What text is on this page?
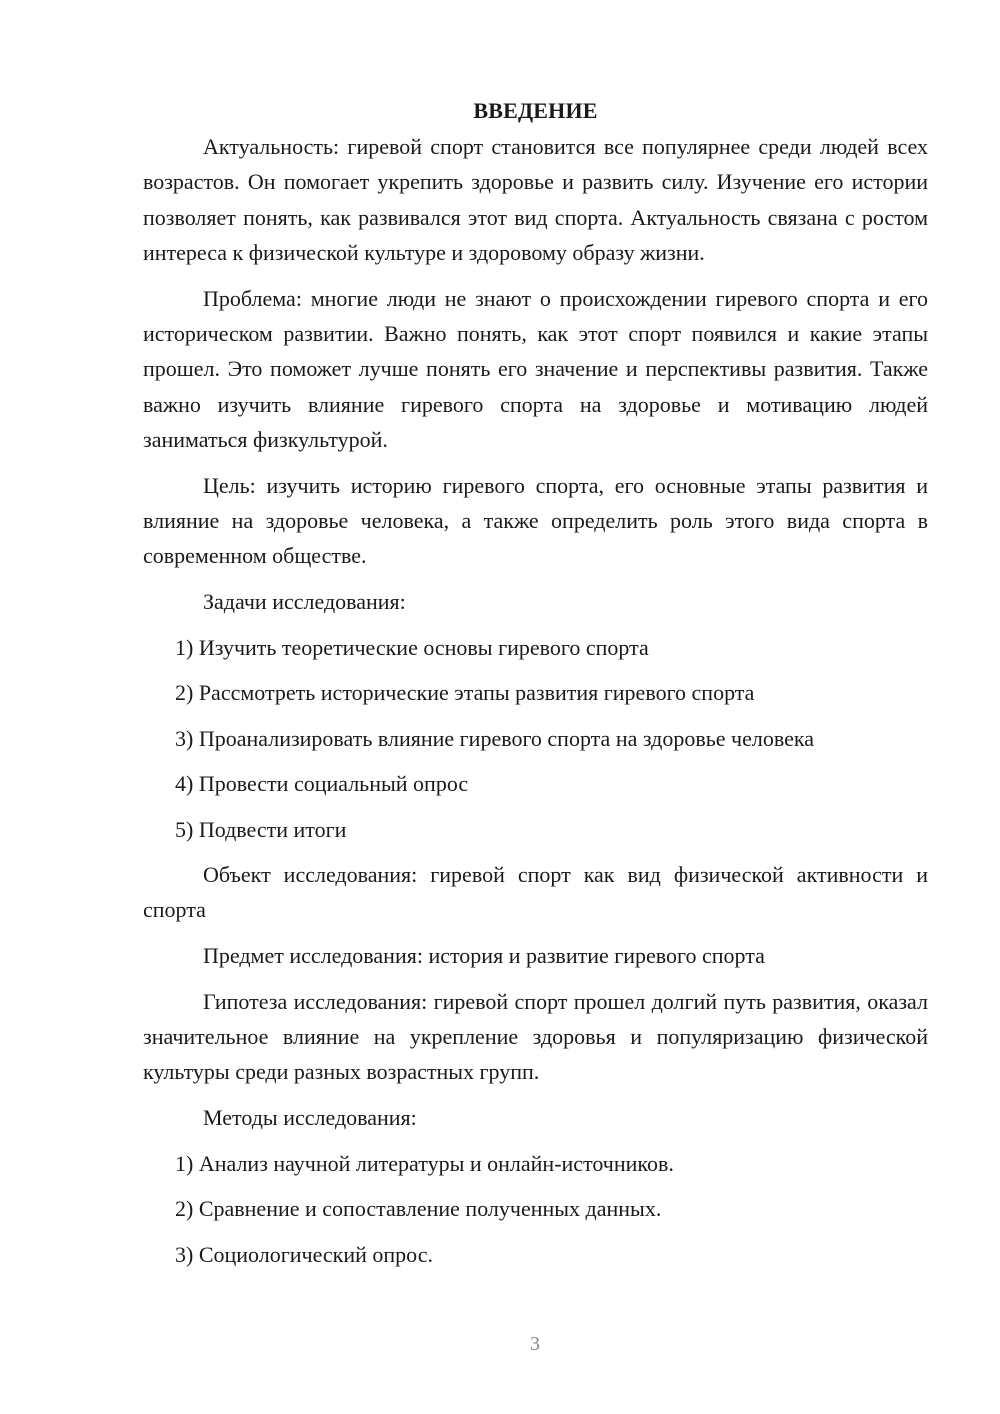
ВВЕДЕНИЕ

Актуальность: гиревой спорт становится все популярнее среди людей всех возрастов. Он помогает укрепить здоровье и развить силу. Изучение его истории позволяет понять, как развивался этот вид спорта. Актуальность связана с ростом интереса к физической культуре и здоровому образу жизни.

Проблема: многие люди не знают о происхождении гиревого спорта и его историческом развитии. Важно понять, как этот спорт появился и какие этапы прошел. Это поможет лучше понять его значение и перспективы развития. Также важно изучить влияние гиревого спорта на здоровье и мотивацию людей заниматься физкультурой.

Цель: изучить историю гиревого спорта, его основные этапы развития и влияние на здоровье человека, а также определить роль этого вида спорта в современном обществе.

Задачи исследования:

1) Изучить теоретические основы гиревого спорта

2) Рассмотреть исторические этапы развития гиревого спорта

3) Проанализировать влияние гиревого спорта на здоровье человека

4) Провести социальный опрос

5) Подвести итоги

Объект исследования: гиревой спорт как вид физической активности и спорта

Предмет исследования: история и развитие гиревого спорта

Гипотеза исследования: гиревой спорт прошел долгий путь развития, оказал значительное влияние на укрепление здоровья и популяризацию физической культуры среди разных возрастных групп.

Методы исследования:

1) Анализ научной литературы и онлайн-источников.

2) Сравнение и сопоставление полученных данных.

3) Социологический опрос.

3
